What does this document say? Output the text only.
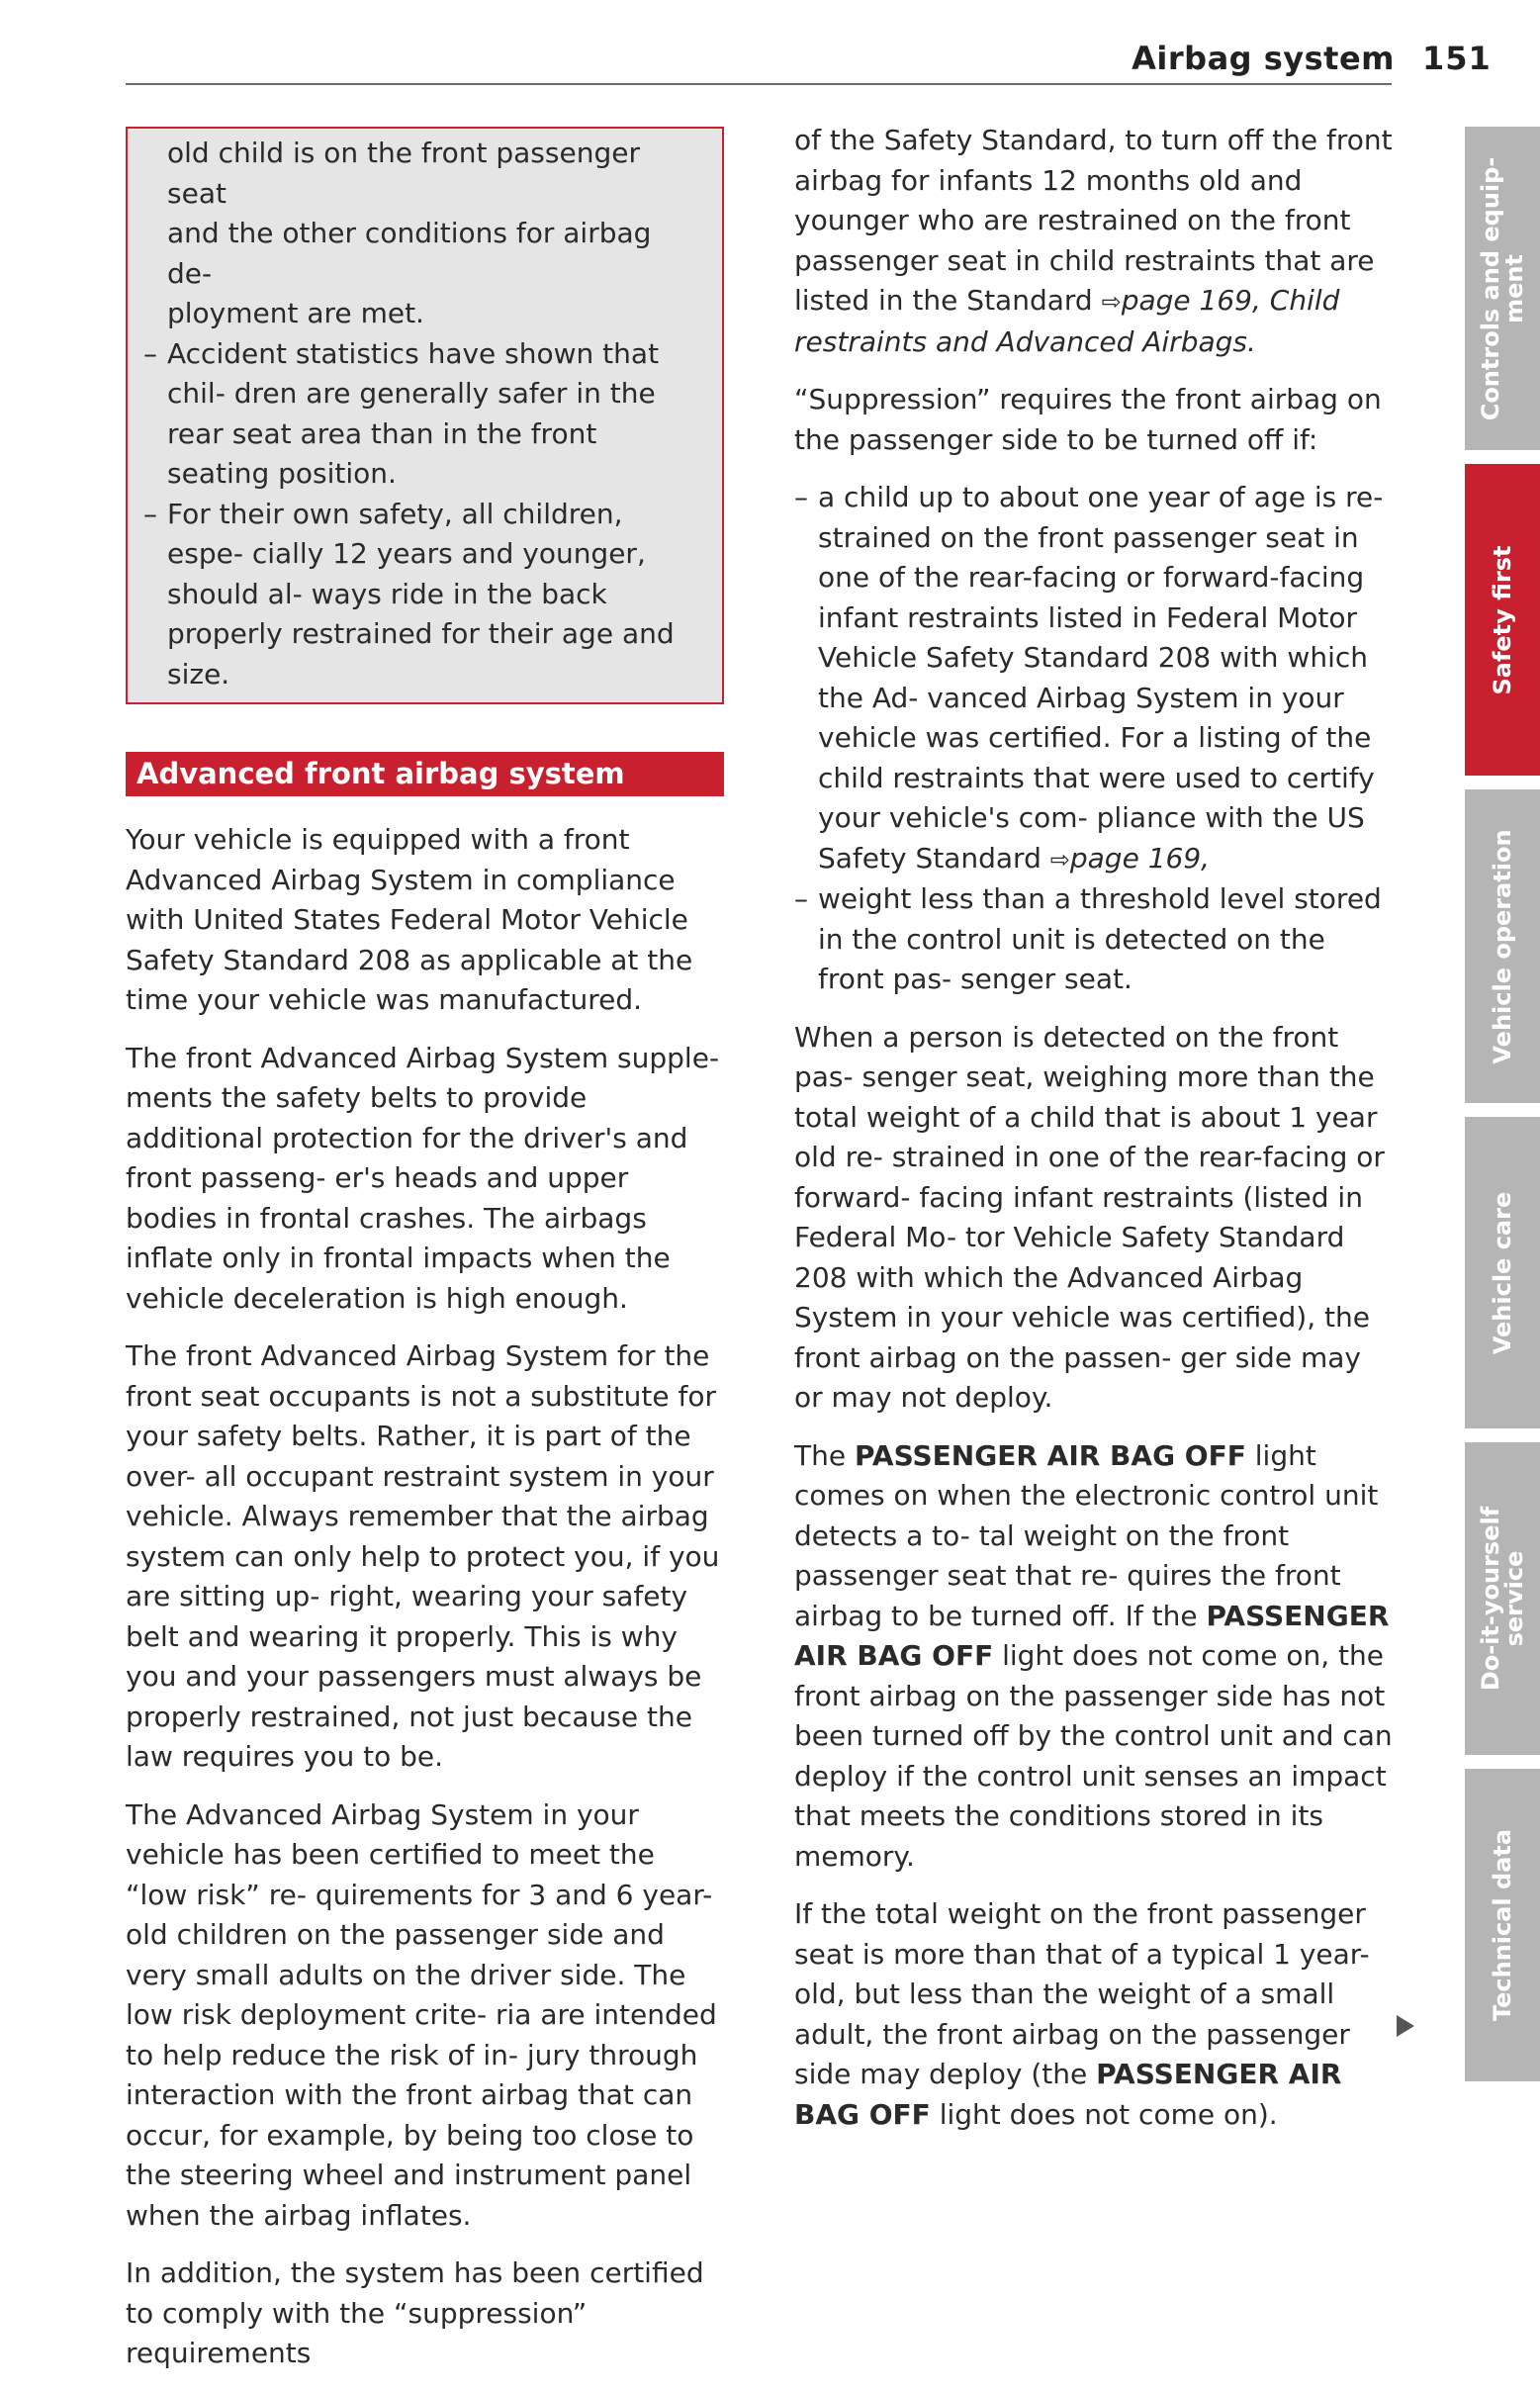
Airbag system 151

old child is on the front passenger seat

and the other conditions for airbag de-

ployment are met.

– Accident statistics have shown that chil- dren are generally safer in the rear seat area than in the front seating position.
– For their own safety, all children, espe- cially 12 years and younger, should al- ways ride in the back properly restrained for their age and size.
Advanced front airbag system

Your vehicle is equipped with a front Advanced Airbag System in compliance with United States Federal Motor Vehicle Safety Standard 208 as applicable at the time your vehicle was manufactured.

The front Advanced Airbag System supple- ments the safety belts to provide additional protection for the driver's and front passeng- er's heads and upper bodies in frontal crashes. The airbags inflate only in frontal impacts when the vehicle deceleration is high enough.

The front Advanced Airbag System for the front seat occupants is not a substitute for your safety belts. Rather, it is part of the over- all occupant restraint system in your vehicle. Always remember that the airbag system can only help to protect you, if you are sitting up- right, wearing your safety belt and wearing it properly. This is why you and your passengers must always be properly restrained, not just because the law requires you to be.

The Advanced Airbag System in your vehicle has been certified to meet the “low risk” re- quirements for 3 and 6 year-old children on the passenger side and very small adults on the driver side. The low risk deployment crite- ria are intended to help reduce the risk of in- jury through interaction with the front airbag that can occur, for example, by being too close to the steering wheel and instrument panel when the airbag inflates.

In addition, the system has been certified to comply with the “suppression” requirements

of the Safety Standard, to turn off the front airbag for infants 12 months old and younger who are restrained on the front passenger seat in child restraints that are listed in the Standard ⇨page 169, Child restraints and Advanced Airbags.

“Suppression” requires the front airbag on the passenger side to be turned off if:

– a child up to about one year of age is re- strained on the front passenger seat in one of the rear-facing or forward-facing infant restraints listed in Federal Motor Vehicle Safety Standard 208 with which the Ad- vanced Airbag System in your vehicle was certified. For a listing of the child restraints that were used to certify your vehicle's com- pliance with the US Safety Standard ⇨page 169,
– weight less than a threshold level stored in the control unit is detected on the front pas- senger seat.

When a person is detected on the front pas- senger seat, weighing more than the total weight of a child that is about 1 year old re- strained in one of the rear-facing or forward- facing infant restraints (listed in Federal Mo- tor Vehicle Safety Standard 208 with which the Advanced Airbag System in your vehicle was certified), the front airbag on the passen- ger side may or may not deploy.

The PASSENGER AIR BAG OFF light comes on when the electronic control unit detects a to- tal weight on the front passenger seat that re- quires the front airbag to be turned off. If the PASSENGER AIR BAG OFF light does not come on, the front airbag on the passenger side has not been turned off by the control unit and can deploy if the control unit senses an impact that meets the conditions stored in its memory.

If the total weight on the front passenger seat is more than that of a typical 1 year-old, but less than the weight of a small adult, the front airbag on the passenger side may deploy (the PASSENGER AIR BAG OFF light does not come on).

Controls and equip-
ment
Safety first
Vehicle operation
Vehicle care
Do-it-yourself
service
Technical data
